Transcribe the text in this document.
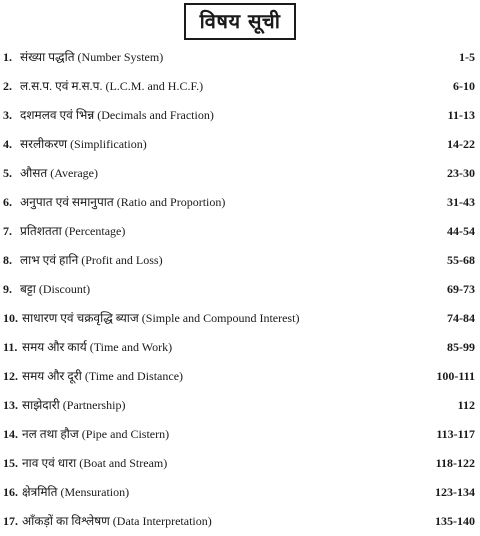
विषय सूची
1. संख्या पद्धति (Number System)	1-5
2. ल.स.प. एवं म.स.प. (L.C.M. and H.C.F.)	6-10
3. दशमलव एवं भिन्न (Decimals and Fraction)	11-13
4. सरलीकरण (Simplification)	14-22
5. औसत (Average)	23-30
6. अनुपात एवं समानुपात (Ratio and Proportion)	31-43
7. प्रतिशतता (Percentage)	44-54
8. लाभ एवं हानि (Profit and Loss)	55-68
9. बट्टा (Discount)	69-73
10. साधारण एवं चक्रवृद्धि ब्याज (Simple and Compound Interest)	74-84
11. समय और कार्य (Time and Work)	85-99
12. समय और दूरी (Time and Distance)	100-111
13. साझेदारी (Partnership)	112
14. नल तथा हौज (Pipe and Cistern)	113-117
15. नाव एवं धारा (Boat and Stream)	118-122
16. क्षेत्रमिति (Mensuration)	123-134
17. आँकड़ों का विश्लेषण (Data Interpretation)	135-140
